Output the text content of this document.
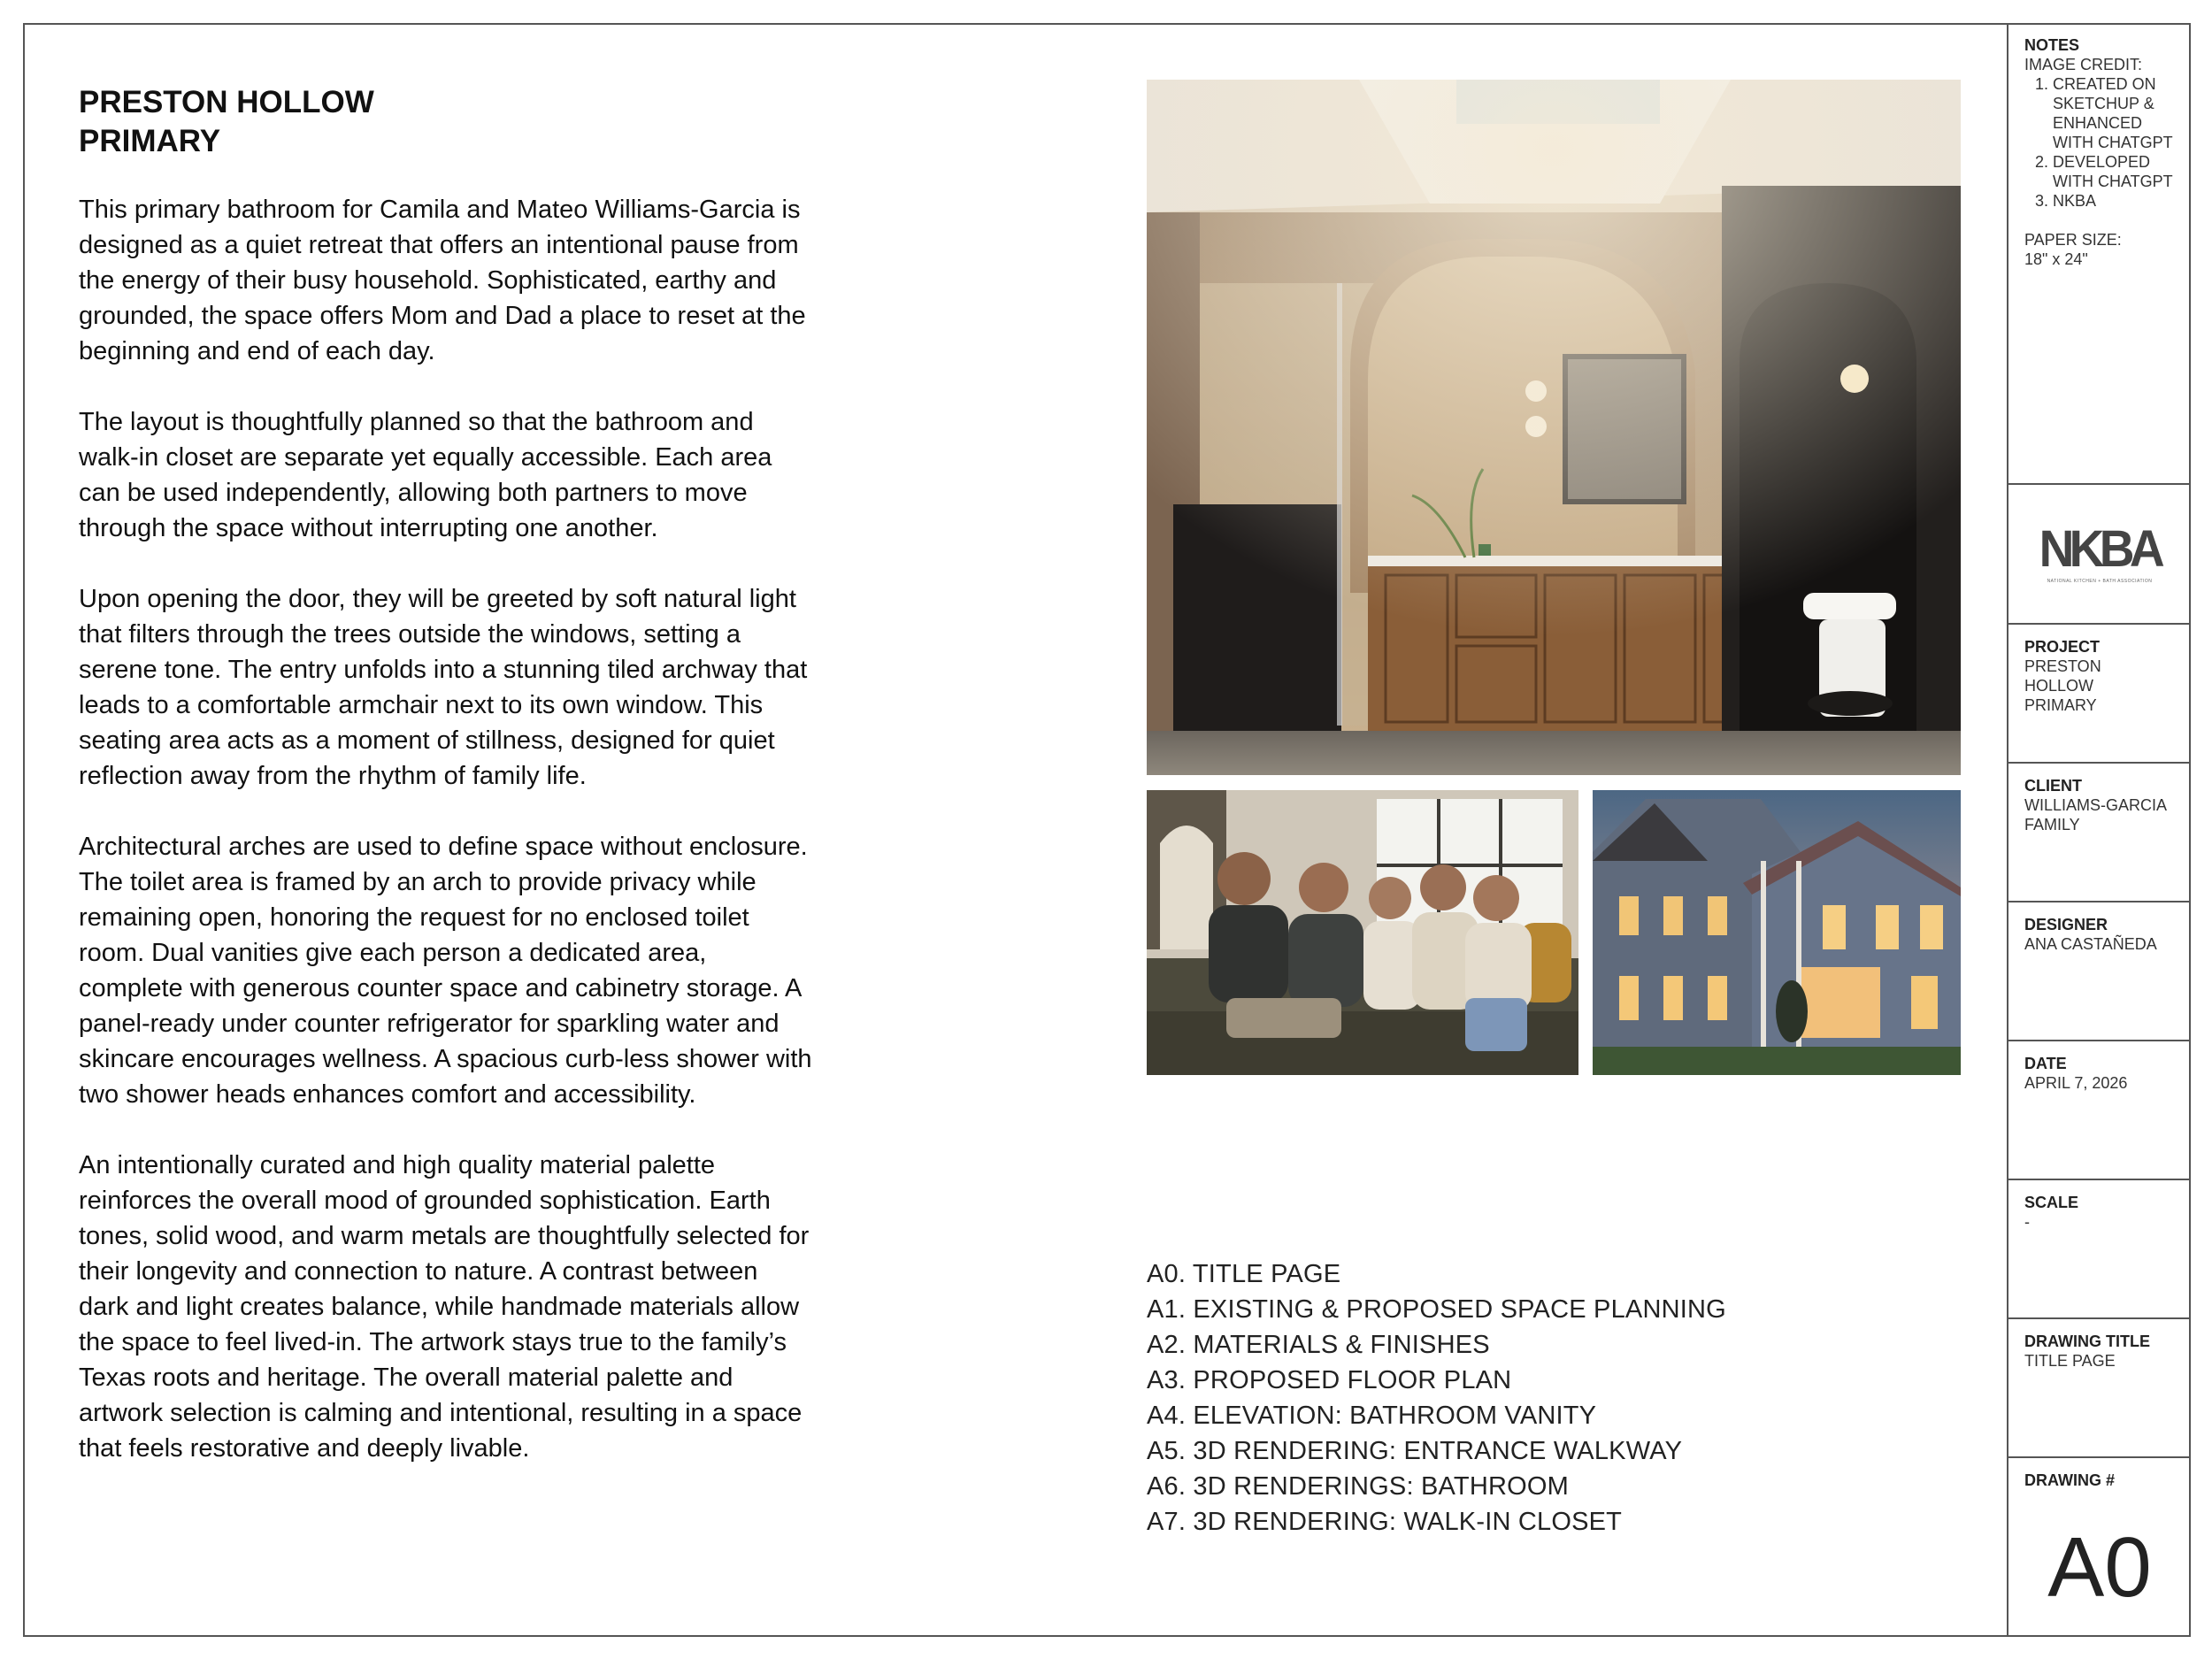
PRESTON HOLLOW
PRIMARY

This primary bathroom for Camila and Mateo Williams-Garcia is designed as a quiet retreat that offers an intentional pause from the energy of their busy household. Sophisticated, earthy and grounded, the space offers Mom and Dad a place to reset at the beginning and end of each day.

The layout is thoughtfully planned so that the bathroom and walk-in closet are separate yet equally accessible. Each area can be used independently, allowing both partners to move through the space without interrupting one another.

Upon opening the door, they will be greeted by soft natural light that filters through the trees outside the windows, setting a serene tone. The entry unfolds into a stunning tiled archway that leads to a comfortable armchair next to its own window. This seating area acts as a moment of stillness, designed for quiet reflection away from the rhythm of family life.

Architectural arches are used to define space without enclosure. The toilet area is framed by an arch to provide privacy while remaining open, honoring the request for no enclosed toilet room. Dual vanities give each person a dedicated area, complete with generous counter space and cabinetry storage. A panel-ready under counter refrigerator for sparkling water and skincare encourages wellness. A spacious curb-less shower with two shower heads enhances comfort and accessibility.

An intentionally curated and high quality material palette reinforces the overall mood of grounded sophistication. Earth tones, solid wood, and warm metals are thoughtfully selected for their longevity and connection to nature. A contrast between dark and light creates balance, while handmade materials allow the space to feel lived-in. The artwork stays true to the family’s Texas roots and heritage. The overall material palette and artwork selection is calming and intentional, resulting in a space that feels restorative and deeply livable.

A0. TITLE PAGE
A1. EXISTING & PROPOSED SPACE PLANNING
A2. MATERIALS & FINISHES
A3. PROPOSED FLOOR PLAN
A4. ELEVATION: BATHROOM VANITY
A5. 3D RENDERING: ENTRANCE WALKWAY
A6. 3D RENDERINGS: BATHROOM
A7. 3D RENDERING: WALK-IN CLOSET
NOTES
IMAGE CREDIT:
1. CREATED ON SKETCHUP & ENHANCED WITH CHATGPT
2. DEVELOPED WITH CHATGPT
3. NKBA
PAPER SIZE:
18" x 24"
NKBA
NATIONAL KITCHEN + BATH ASSOCIATION
PROJECT
PRESTON HOLLOW PRIMARY
CLIENT
WILLIAMS-GARCIA FAMILY
DESIGNER
ANA CASTAÑEDA
DATE
APRIL 7, 2026
SCALE
-
DRAWING TITLE
TITLE PAGE
DRAWING #
A0
